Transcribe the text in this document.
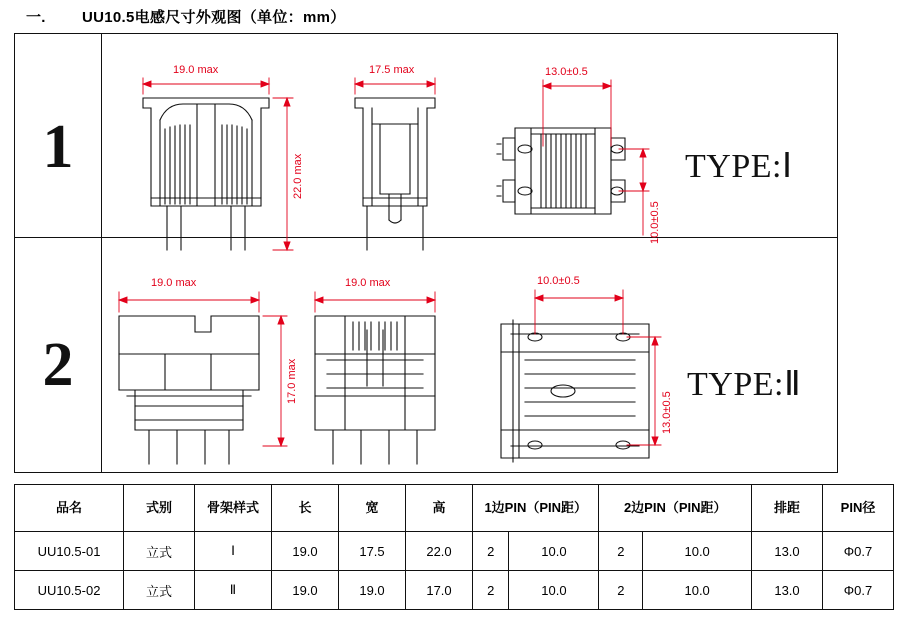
一. UU10.5电感尺寸外观图（单位：mm）
1
2
TYPE:Ⅰ
TYPE:Ⅱ
19.0 max
22.0 max
17.5 max	13.0±0.5
10.0±0.5
19.0 max
17.0 max
19.0 max	10.0±0.5
13.0±0.5
品名	式别	骨架样式	长	宽	高	1边PIN（PIN距）		2边PIN（PIN距）		排距	PIN径
UU10.5-01	立式	Ⅰ	19.0	17.5	22.0	2	10.0	2	10.0	13.0	Φ0.7
UU10.5-02	立式	Ⅱ	19.0	19.0	17.0	2	10.0	2	10.0	13.0	Φ0.7
